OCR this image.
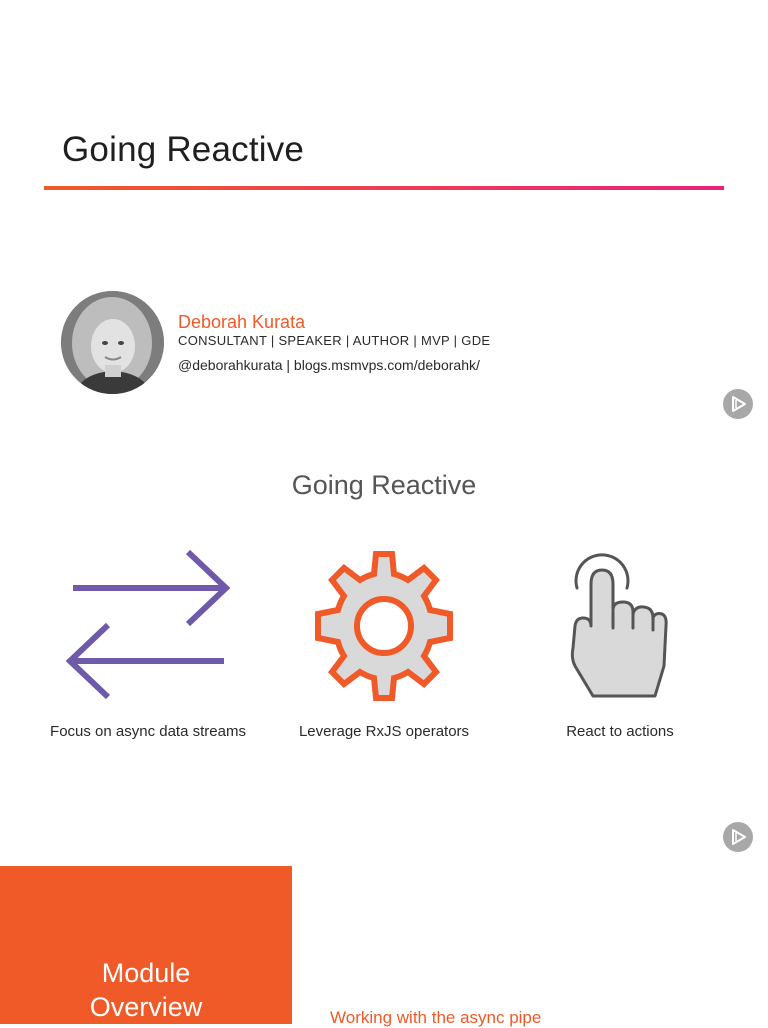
Going Reactive
Deborah Kurata
CONSULTANT | SPEAKER | AUTHOR | MVP | GDE
@deborahkurata | blogs.msmvps.com/deborahk/
Going Reactive
Focus on async data streams	Leverage RxJS operators	React to actions
Module
Overview	Working with the async pipe
